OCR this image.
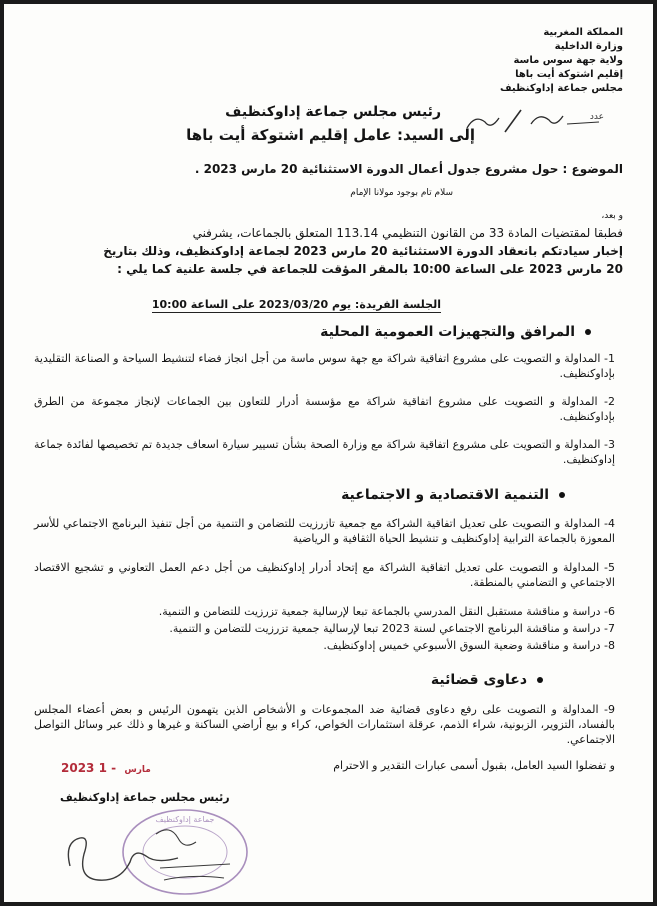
المملكة المغربية
وزارة الداخلية
ولاية جهة سوس ماسة
إقليم اشتوكة أيت باها
مجلس جماعة إداوكنظيف
عدد
رئيس مجلس جماعة إداوكنظيف
إلى السيد: عامل إقليم اشتوكة أيت باها
الموضوع : حول مشروع جدول أعمال الدورة الاستثنائية 20 مارس 2023 .
سلام تام بوجود مولانا الإمام
و بعد،
فطبقا لمقتضيات المادة 33 من القانون التنظيمي 113.14 المتعلق بالجماعات، يشرفني
إخبار سيادتكم بانعقاد الدورة الاستثنائية 20 مارس 2023 لجماعة إداوكنظيف، وذلك بتاريخ
20 مارس 2023 على الساعة 10:00 بالمقر المؤقت للجماعة في جلسة علنية كما يلي :
الجلسة الفريدة: يوم 2023/03/20 على الساعة 10:00
المرافق والتجهيزات العمومية المحلية
1- المداولة و التصويت على مشروع اتفاقية شراكة مع جهة سوس ماسة من أجل انجاز فضاء لتنشيط السياحة و الصناعة التقليدية بإداوكنظيف.
2- المداولة و التصويت على مشروع اتفاقية شراكة مع مؤسسة أدرار للتعاون بين الجماعات لإنجاز مجموعة من الطرق بإداوكنظيف.
3- المداولة و التصويت على مشروع اتفاقية شراكة مع وزارة الصحة بشأن تسيير سيارة اسعاف جديدة تم تخصيصها لفائدة جماعة إداوكنظيف.
التنمية الاقتصادية و الاجتماعية
4- المداولة و التصويت على تعديل اتفاقية الشراكة مع جمعية تازرزيت للتضامن و التنمية من أجل تنفيذ البرنامج الاجتماعي للأسر المعوزة بالجماعة الترابية إداوكنظيف و تنشيط الحياة الثقافية و الرياضية
5- المداولة و التصويت على تعديل اتفاقية الشراكة مع إتحاد أدرار إداوكنظيف من أجل دعم العمل التعاوني و تشجيع الاقتصاد الاجتماعي و التضامني بالمنطقة.
6- دراسة و مناقشة مستقبل النقل المدرسي بالجماعة تبعا لإرسالية جمعية تزرزيت للتضامن و التنمية.
7- دراسة و مناقشة البرنامج الاجتماعي لسنة 2023 تبعا لإرسالية جمعية تزرزيت للتضامن و التنمية.
8- دراسة و مناقشة وضعية السوق الأسبوعي خميس إداوكنظيف.
دعاوى قضائية
9- المداولة و التصويت على رفع دعاوى قضائية ضد المجموعات و الأشخاص الذين يتهمون الرئيس و بعض أعضاء المجلس بالفساد، التزوير، الزبونية، شراء الذمم، عرقلة استثمارات الخواص، كراء و بيع أراضي الساكنة و غيرها و ذلك عبر وسائل التواصل الاجتماعي.
و تفضلوا السيد العامل، بقبول أسمى عبارات التقدير و الاحترام
2023	مارس - 1
رئيس مجلس جماعة إداوكنظيف
جماعة إداوكنظيف
